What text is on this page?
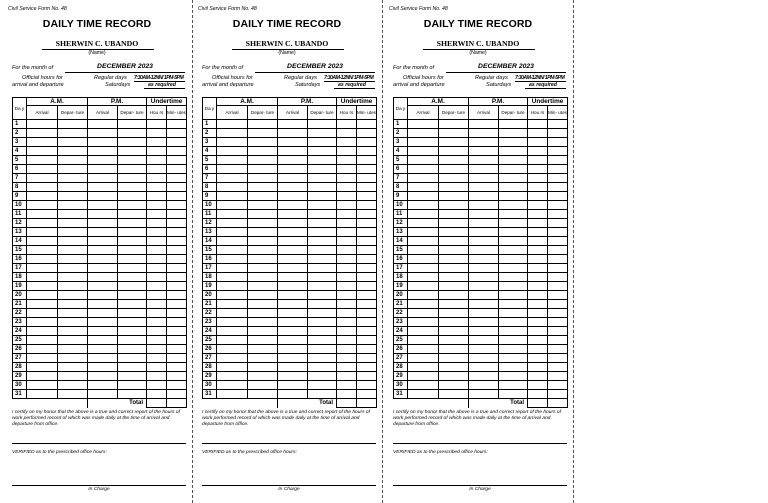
Civil Service Form No. 48
DAILY TIME RECORD
SHERWIN C. UBANDO
(Name)
For the month of	DECEMBER 2023
Official hours for
arrival and departure
Regular days 7:30AM-12NN/ 1PM-5PM
Saturdays	as required
Da y	A.M.		P.M.		Undertime	
	Arrival	Depar- ture	Arrival	Depar- ture	Hou rs	Min- utes
1						
2						
3						
4						
5						
6						
7						
8						
9						
10						
11						
12						
13						
14						
15						
16						
17						
18						
19						
20						
21						
22						
23						
24						
25						
26						
27						
28						
29						
30						
31						
			Total			
I certify on my honor that the above is a true and correct report of the hours of work performed record of which was made daily at the time of arrival and departure from office.
VERIFIED as to the prescribed office hours:
In Charge
Civil Service Form No. 48
DAILY TIME RECORD
SHERWIN C. UBANDO
(Name)
For the month of	DECEMBER 2023
Official hours for
arrival and departure
Regular days 7:30AM-12NN/ 1PM-5PM
Saturdays	as required
Da y	A.M.		P.M.		Undertime	
	Arrival	Depar- ture	Arrival	Depar- ture	Hou rs	Min- utes
1						
2						
3						
4						
5						
6						
7						
8						
9						
10						
11						
12						
13						
14						
15						
16						
17						
18						
19						
20						
21						
22						
23						
24						
25						
26						
27						
28						
29						
30						
31						
			Total			
I certify on my honor that the above is a true and correct report of the hours of work performed record of which was made daily at the time of arrival and departure from office.
VERIFIED as to the prescribed office hours:
In Charge
Civil Service Form No. 48
DAILY TIME RECORD
SHERWIN C. UBANDO
(Name)
For the month of	DECEMBER 2023
Official hours for
arrival and departure
Regular days 7:30AM-12NN/ 1PM-5PM
Saturdays	as required
Da y	A.M.		P.M.		Undertime	
	Arrival	Depar- ture	Arrival	Depar- ture	Hou rs	Min- utes
1						
2						
3						
4						
5						
6						
7						
8						
9						
10						
11						
12						
13						
14						
15						
16						
17						
18						
19						
20						
21						
22						
23						
24						
25						
26						
27						
28						
29						
30						
31						
			Total			
I certify on my honor that the above is a true and correct report of the hours of work performed record of which was made daily at the time of arrival and departure from office.
VERIFIED as to the prescribed office hours:
In Charge
